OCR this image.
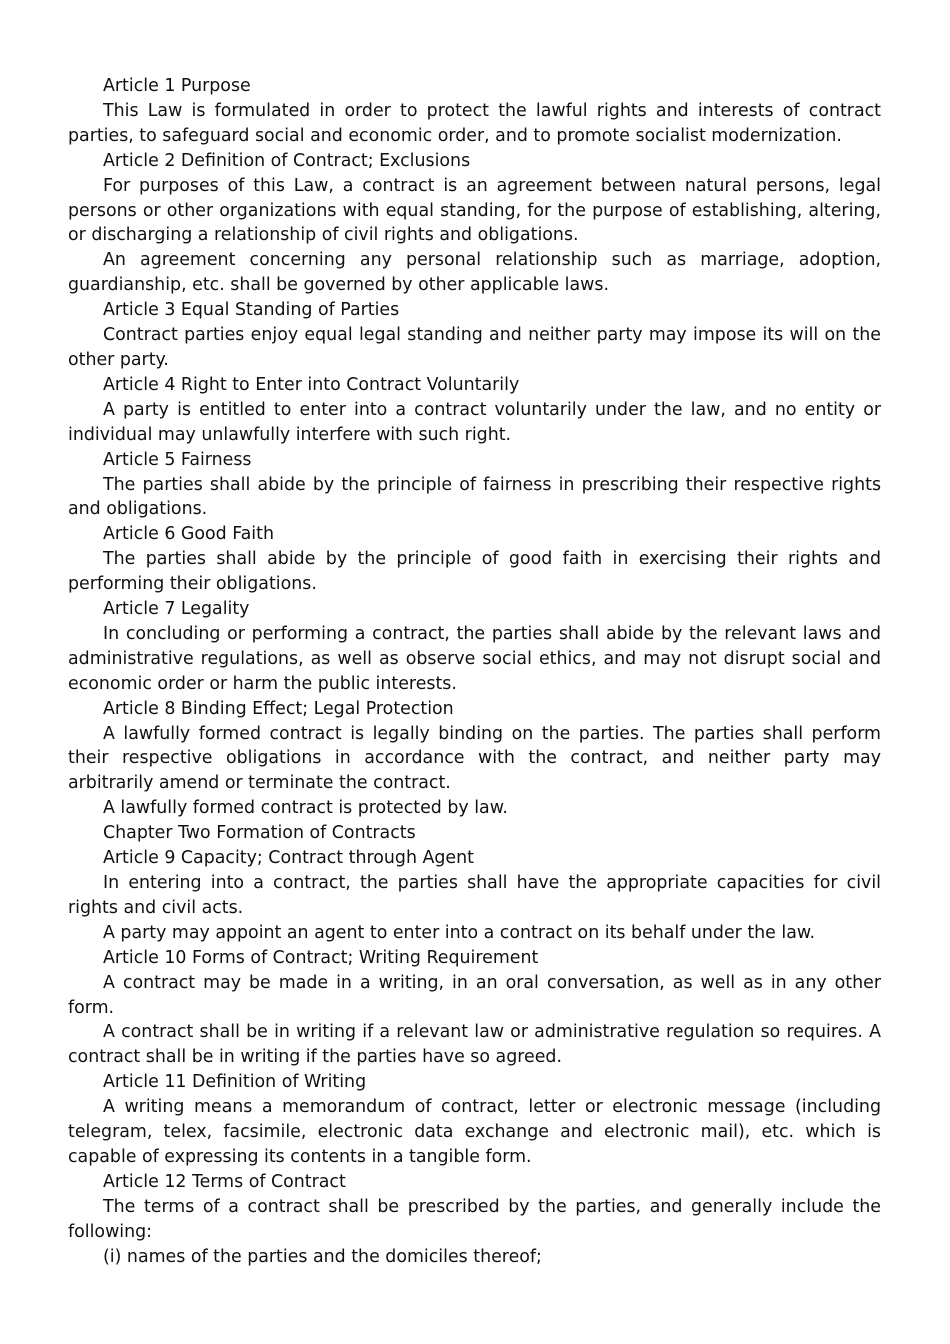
Article 1 Purpose

This Law is formulated in order to protect the lawful rights and interests of contract parties, to safeguard social and economic order, and to promote socialist modernization.

Article 2 Definition of Contract; Exclusions

For purposes of this Law, a contract is an agreement between natural persons, legal persons or other organizations with equal standing, for the purpose of establishing, altering, or discharging a relationship of civil rights and obligations.

An agreement concerning any personal relationship such as marriage, adoption, guardianship, etc. shall be governed by other applicable laws.

Article 3 Equal Standing of Parties

Contract parties enjoy equal legal standing and neither party may impose its will on the other party.

Article 4 Right to Enter into Contract Voluntarily

A party is entitled to enter into a contract voluntarily under the law, and no entity or individual may unlawfully interfere with such right.

Article 5 Fairness

The parties shall abide by the principle of fairness in prescribing their respective rights and obligations.

Article 6 Good Faith

The parties shall abide by the principle of good faith in exercising their rights and performing their obligations.

Article 7 Legality

In concluding or performing a contract, the parties shall abide by the relevant laws and administrative regulations, as well as observe social ethics, and may not disrupt social and economic order or harm the public interests.

Article 8 Binding Effect; Legal Protection

A lawfully formed contract is legally binding on the parties. The parties shall perform their respective obligations in accordance with the contract, and neither party may arbitrarily amend or terminate the contract.

A lawfully formed contract is protected by law.

Chapter Two Formation of Contracts

Article 9 Capacity; Contract through Agent

In entering into a contract, the parties shall have the appropriate capacities for civil rights and civil acts.

A party may appoint an agent to enter into a contract on its behalf under the law.

Article 10 Forms of Contract; Writing Requirement

A contract may be made in a writing, in an oral conversation, as well as in any other form.

A contract shall be in writing if a relevant law or administrative regulation so requires. A contract shall be in writing if the parties have so agreed.

Article 11 Definition of Writing

A writing means a memorandum of contract, letter or electronic message (including telegram, telex, facsimile, electronic data exchange and electronic mail), etc. which is capable of expressing its contents in a tangible form.

Article 12 Terms of Contract

The terms of a contract shall be prescribed by the parties, and generally include the following:

(i) names of the parties and the domiciles thereof;
